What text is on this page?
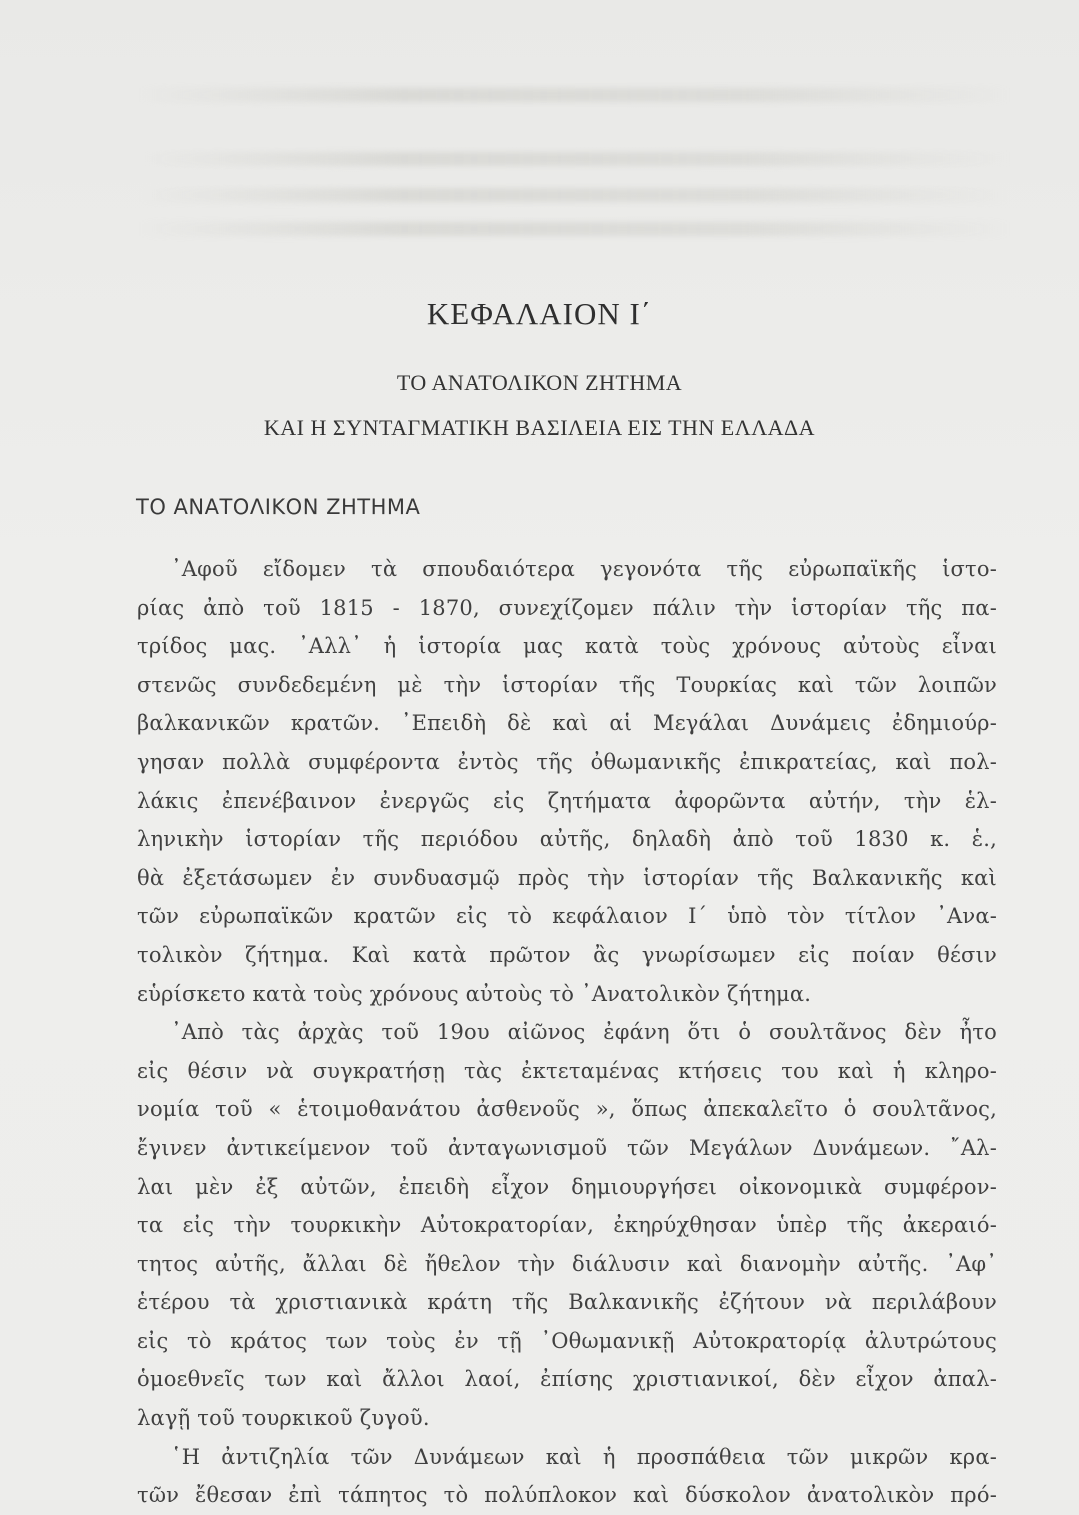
ΚΕΦΑΛΑΙΟΝ Ι΄
ΤΟ ΑΝΑΤΟΛΙΚΟΝ ΖΗΤΗΜΑ
ΚΑΙ Η ΣΥΝΤΑΓΜΑΤΙΚΗ ΒΑΣΙΛΕΙΑ ΕΙΣ ΤΗΝ ΕΛΛΑΔΑ
ΤΟ ΑΝΑΤΟΛΙΚΟΝ ΖΗΤΗΜΑ
᾿Αφοῦ εἴδομεν τὰ σπουδαιότερα γεγονότα τῆς εὐρωπαϊκῆς ἱστο-
ρίας ἀπὸ τοῦ 1815 - 1870, συνεχίζομεν πάλιν τὴν ἱστορίαν τῆς πα-
τρίδος μας. ᾿Αλλ᾿ ἡ ἱστορία μας κατὰ τοὺς χρόνους αὐτοὺς εἶναι
στενῶς συνδεδεμένη μὲ τὴν ἱστορίαν τῆς Τουρκίας καὶ τῶν λοιπῶν
βαλκανικῶν κρατῶν. ᾿Επειδὴ δὲ καὶ αἱ Μεγάλαι Δυνάμεις ἐδημιούρ-
γησαν πολλὰ συμφέροντα ἐντὸς τῆς ὀθωμανικῆς ἐπικρατείας, καὶ πολ-
λάκις ἐπενέβαινον ἐνεργῶς εἰς ζητήματα ἀφορῶντα αὐτήν, τὴν ἑλ-
ληνικὴν ἱστορίαν τῆς περιόδου αὐτῆς, δηλαδὴ ἀπὸ τοῦ 1830 κ. ἑ.,
θὰ ἐξετάσωμεν ἐν συνδυασμῷ πρὸς τὴν ἱστορίαν τῆς Βαλκανικῆς καὶ
τῶν εὐρωπαϊκῶν κρατῶν εἰς τὸ κεφάλαιον Ι΄ ὑπὸ τὸν τίτλον ᾿Ανα-
τολικὸν ζήτημα. Καὶ κατὰ πρῶτον ἂς γνωρίσωμεν εἰς ποίαν θέσιν
εὑρίσκετο κατὰ τοὺς χρόνους αὐτοὺς τὸ ᾿Ανατολικὸν ζήτημα.
᾿Απὸ τὰς ἀρχὰς τοῦ 19ου αἰῶνος ἐφάνη ὅτι ὁ σουλτᾶνος δὲν ἦτο
εἰς θέσιν νὰ συγκρατήσῃ τὰς ἐκτεταμένας κτήσεις του καὶ ἡ κληρο-
νομία τοῦ « ἑτοιμοθανάτου ἀσθενοῦς », ὅπως ἀπεκαλεῖτο ὁ σουλτᾶνος,
ἔγινεν ἀντικείμενον τοῦ ἀνταγωνισμοῦ τῶν Μεγάλων Δυνάμεων. ῎Αλ-
λαι μὲν ἐξ αὐτῶν, ἐπειδὴ εἶχον δημιουργήσει οἰκονομικὰ συμφέρον-
τα εἰς τὴν τουρκικὴν Αὐτοκρατορίαν, ἐκηρύχθησαν ὑπὲρ τῆς ἀκεραιό-
τητος αὐτῆς, ἄλλαι δὲ ἤθελον τὴν διάλυσιν καὶ διανομὴν αὐτῆς. ᾿Αφ᾿
ἑτέρου τὰ χριστιανικὰ κράτη τῆς Βαλκανικῆς ἐζήτουν νὰ περιλάβουν
εἰς τὸ κράτος των τοὺς ἐν τῇ ᾿Οθωμανικῇ Αὐτοκρατορίᾳ ἀλυτρώτους
ὁμοεθνεῖς των καὶ ἄλλοι λαοί, ἐπίσης χριστιανικοί, δὲν εἶχον ἀπαλ-
λαγῇ τοῦ τουρκικοῦ ζυγοῦ.
῾Η ἀντιζηλία τῶν Δυνάμεων καὶ ἡ προσπάθεια τῶν μικρῶν κρα-
τῶν ἔθεσαν ἐπὶ τάπητος τὸ πολύπλοκον καὶ δύσκολον ἀνατολικὸν πρό-
